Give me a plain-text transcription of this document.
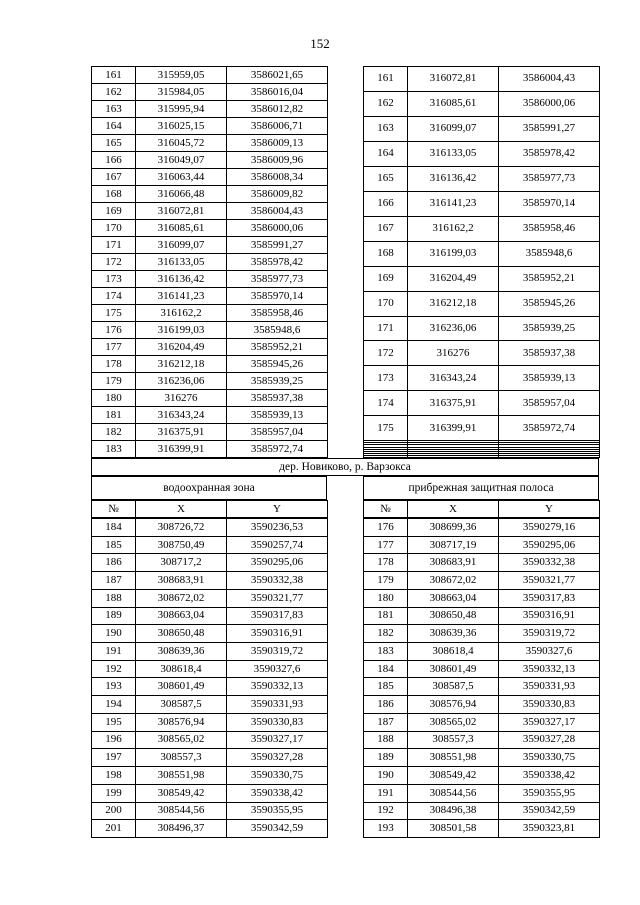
152
161	315959,05	3586021,65
162	315984,05	3586016,04
163	315995,94	3586012,82
164	316025,15	3586006,71
165	316045,72	3586009,13
166	316049,07	3586009,96
167	316063,44	3586008,34
168	316066,48	3586009,82
169	316072,81	3586004,43
170	316085,61	3586000,06
171	316099,07	3585991,27
172	316133,05	3585978,42
173	316136,42	3585977,73
174	316141,23	3585970,14
175	316162,2	3585958,46
176	316199,03	3585948,6
177	316204,49	3585952,21
178	316212,18	3585945,26
179	316236,06	3585939,25
180	316276	3585937,38
181	316343,24	3585939,13
182	316375,91	3585957,04
183	316399,91	3585972,74
161	316072,81	3586004,43
162	316085,61	3586000,06
163	316099,07	3585991,27
164	316133,05	3585978,42
165	316136,42	3585977,73
166	316141,23	3585970,14
167	316162,2	3585958,46
168	316199,03	3585948,6
169	316204,49	3585952,21
170	316212,18	3585945,26
171	316236,06	3585939,25
172	316276	3585937,38
173	316343,24	3585939,13
174	316375,91	3585957,04
175	316399,91	3585972,74

дер. Новиково, р. Варзокса
водоохранная зона	прибрежная защитная полоса
№	X	Y	№	X	Y
184	308726,72	3590236,53
185	308750,49	3590257,74
186	308717,2	3590295,06
187	308683,91	3590332,38
188	308672,02	3590321,77
189	308663,04	3590317,83
190	308650,48	3590316,91
191	308639,36	3590319,72
192	308618,4	3590327,6
193	308601,49	3590332,13
194	308587,5	3590331,93
195	308576,94	3590330,83
196	308565,02	3590327,17
197	308557,3	3590327,28
198	308551,98	3590330,75
199	308549,42	3590338,42
200	308544,56	3590355,95
201	308496,37	3590342,59
176	308699,36	3590279,16
177	308717,19	3590295,06
178	308683,91	3590332,38
179	308672,02	3590321,77
180	308663,04	3590317,83
181	308650,48	3590316,91
182	308639,36	3590319,72
183	308618,4	3590327,6
184	308601,49	3590332,13
185	308587,5	3590331,93
186	308576,94	3590330,83
187	308565,02	3590327,17
188	308557,3	3590327,28
189	308551,98	3590330,75
190	308549,42	3590338,42
191	308544,56	3590355,95
192	308496,38	3590342,59
193	308501,58	3590323,81
